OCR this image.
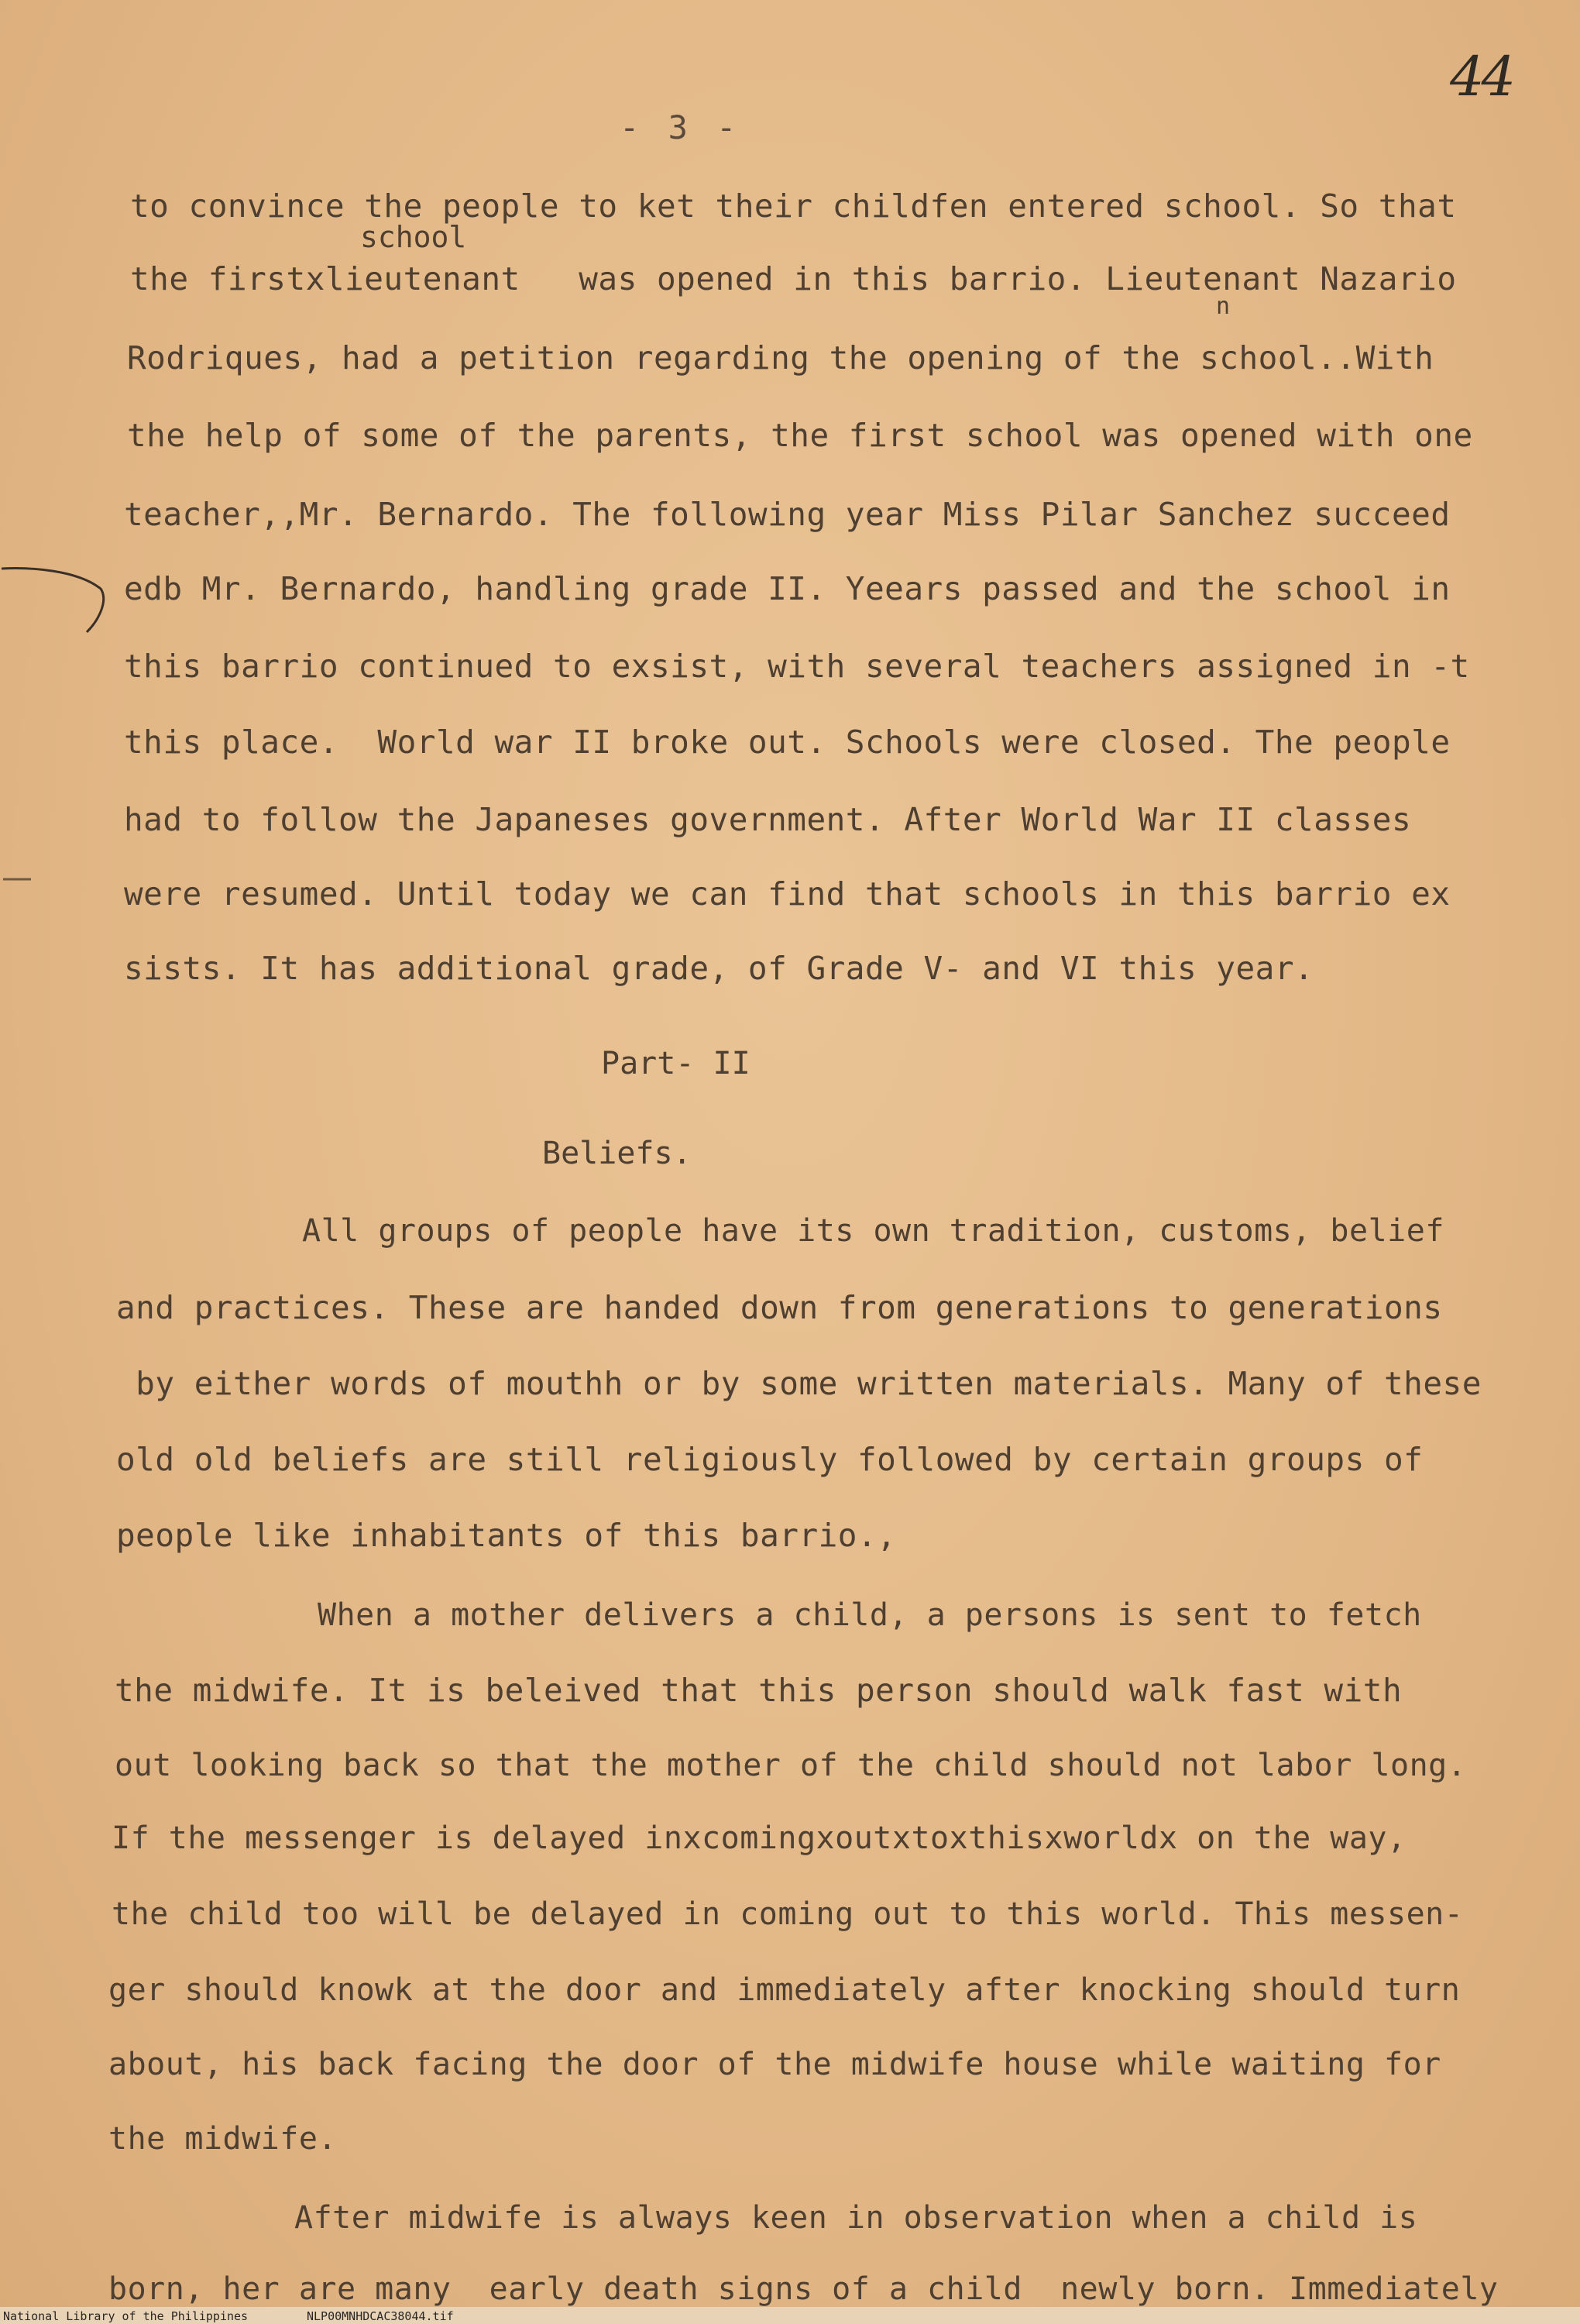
44
- 3 -
school
n
to convince the people to ket their childfen entered school. So that
the firstxlieutenant   was opened in this barrio. Lieutenant Nazario
Rodriques, had a petition regarding the opening of the school..With
the help of some of the parents, the first school was opened with one
teacher,,Mr. Bernardo. The following year Miss Pilar Sanchez succeed
edb Mr. Bernardo, handling grade II. Yeears passed and the school in
this barrio continued to exsist, with several teachers assigned in -t
this place.  World war II broke out. Schools were closed. The people
had to follow the Japaneses government. After World War II classes
were resumed. Until today we can find that schools in this barrio ex
sists. It has additional grade, of Grade V- and VI this year.
Part- II
Beliefs.
All groups of people have its own tradition, customs, belief
and practices. These are handed down from generations to generations
by either words of mouthh or by some written materials. Many of these
old old beliefs are still religiously followed by certain groups of
people like inhabitants of this barrio.,
When a mother delivers a child, a persons is sent to fetch
the midwife. It is beleived that this person should walk fast with
out looking back so that the mother of the child should not labor long.
If the messenger is delayed inxcomingxoutxtoxthisxworldx on the way,
the child too will be delayed in coming out to this world. This messen-
ger should knowk at the door and immediately after knocking should turn
about, his back facing the door of the midwife house while waiting for
the midwife.
After midwife is always keen in observation when a child is
born, her are many  early death signs of a child  newly born. Immediately
National Library of the Philippines	NLP00MNHDCAC38044.tif
